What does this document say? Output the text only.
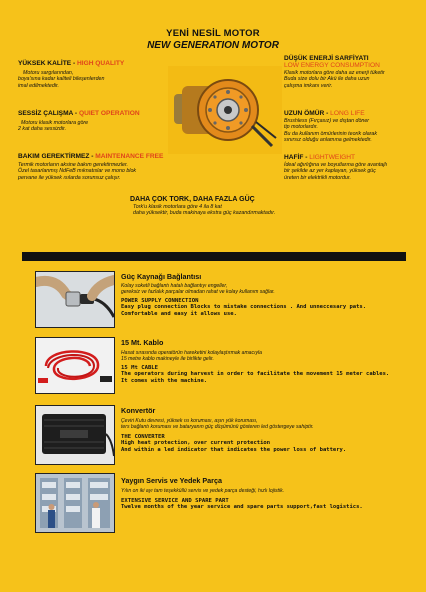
YENİ NESİL MOTOR
NEW GENERATION MOTOR
YÜKSEK KALİTE - HIGH QUALITY
Motoru sargılarından,
boya'sına kadar kaliteli bileşenlerden
imal edilmektedir.
SESSİZ ÇALIŞMA - QUIET OPERATION
Motoru klasik motorlara göre
2 kat daha sessizdir.
BAKIM GEREKTİRMEZ - MAINTENANCE FREE
Termik motorların aksine bakım gerektirmezler.
Özel tasarlanmış NdFeB mıknatıslar ve mono blok
pervane ile yüksek ısılarda sorunsuz çalışır.
DÜŞÜK ENERJİ SARFİYATI
LOW ENERGY CONSUMPTION
Klasik motorlara göre daha az enerji tüketir
Buda size dolu bir Akü ile daha uzun
çalışma imkanı verir.
UZUN ÖMÜR - LONG LIFE
Brushless (Fırçasız) ve dıştan döner
tip motorlardır.
Bu da kullanım ömürlerinin teorik olarak
sınırsız olduğu anlamına gelmektedir.
HAFİF - LIGHTWEIGHT
İdeal ağırlığına ve boyutlarına göre avantajlı
bir şekilde az yer kaplayan, yüksek güç
üreten bir elektrikli motordur.
DAHA ÇOK TORK, DAHA FAZLA GÜÇ
Tork'u klasik motorlara göre 4 ila 8 kat
daha yüksektir, buda makinaya ekstra güç kazandırmaktadır.
Güç Kaynağı Bağlantısı
Kolay soketli bağlantı hatalı bağlantıyı engeller,
gereksiz ve fazlalık parçalar olmadan rahat ve kolay kullanım sağlar.
POWER SUPPLY CONNECTION
Easy plug connection Blocks to mistake connections . And unneccesary pats.
Comfortable and easy it allows use.
15 Mt. Kablo
Hasat sırasında operatörün hareketini kolaylaştırmak amacıyla
15 metre kablo makineyle ile birlikte gelir.
15 Mt CABLE
The operators during harvest in order to facilitate the movement 15 meter cables.
It comes with the machine.
Konvertör
Çeviri Kutu devresi, yüksek ısı koruması, aşırı yük koruması,
ters bağlantı koruması ve bataryanın güç düşümünü gösteren led göstergeye sahiptir.
THE CONVERTER
High heat protection, over current protection
And within a led indicator that indicates the power loss of battery.
Yaygın Servis ve Yedek Parça
Yılın on iki ayı tam teşekküllü servis ve yedek parça desteği, hızlı lojistik.
EXTENSIVE SERVICE AND SPARE PART
Twelve months of the year service and spare parts support,fast logistics.
